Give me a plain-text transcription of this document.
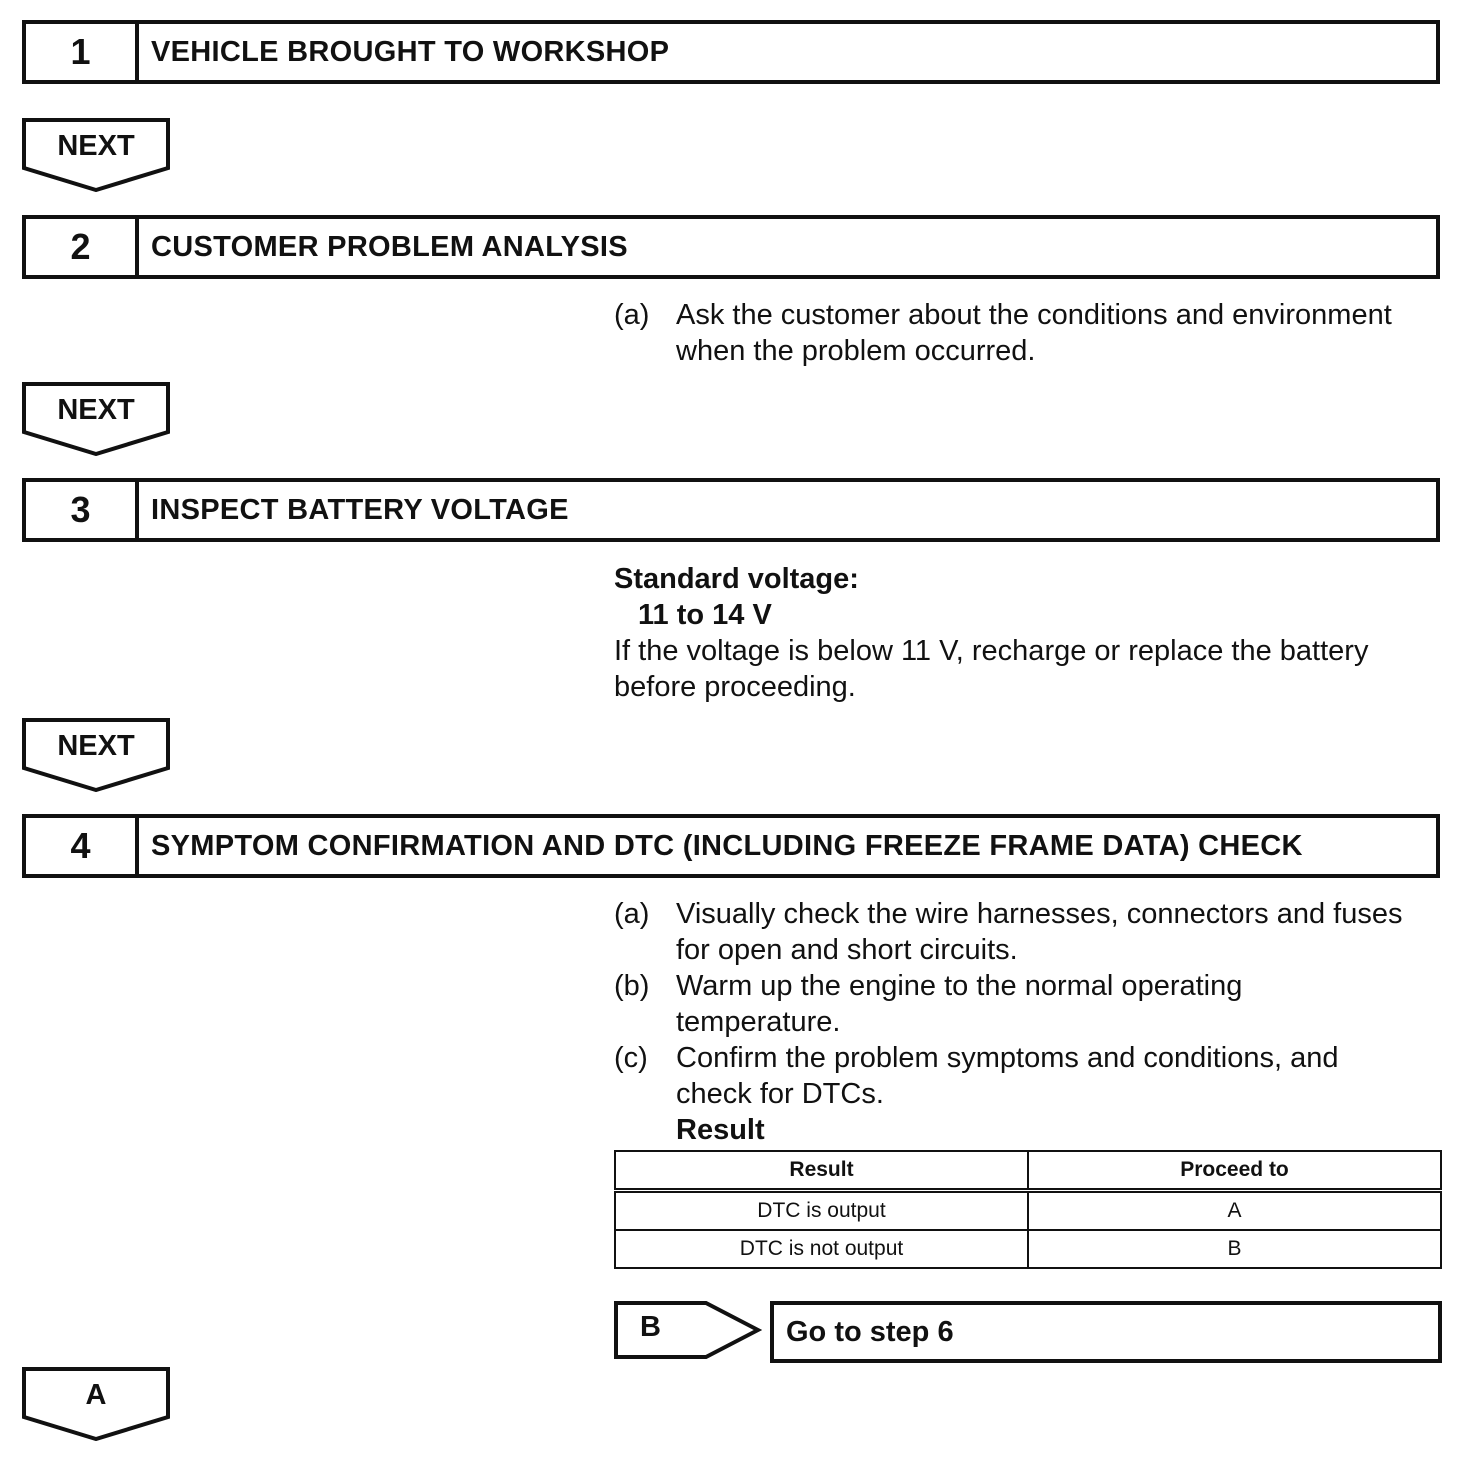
1	VEHICLE BROUGHT TO WORKSHOP
NEXT
2	CUSTOMER PROBLEM ANALYSIS
(a) Ask the customer about the conditions and environment
when the problem occurred.
NEXT
3	INSPECT BATTERY VOLTAGE
Standard voltage:
11 to 14 V
If the voltage is below 11 V, recharge or replace the battery
before proceeding.
NEXT
4	SYMPTOM CONFIRMATION AND DTC (INCLUDING FREEZE FRAME DATA) CHECK
(a) Visually check the wire harnesses, connectors and fuses
for open and short circuits.
(b) Warm up the engine to the normal operating
temperature.
(c) Confirm the problem symptoms and conditions, and
check for DTCs.
Result
Result	Proceed to
DTC is output	A
DTC is not output	B
B	Go to step 6
A
